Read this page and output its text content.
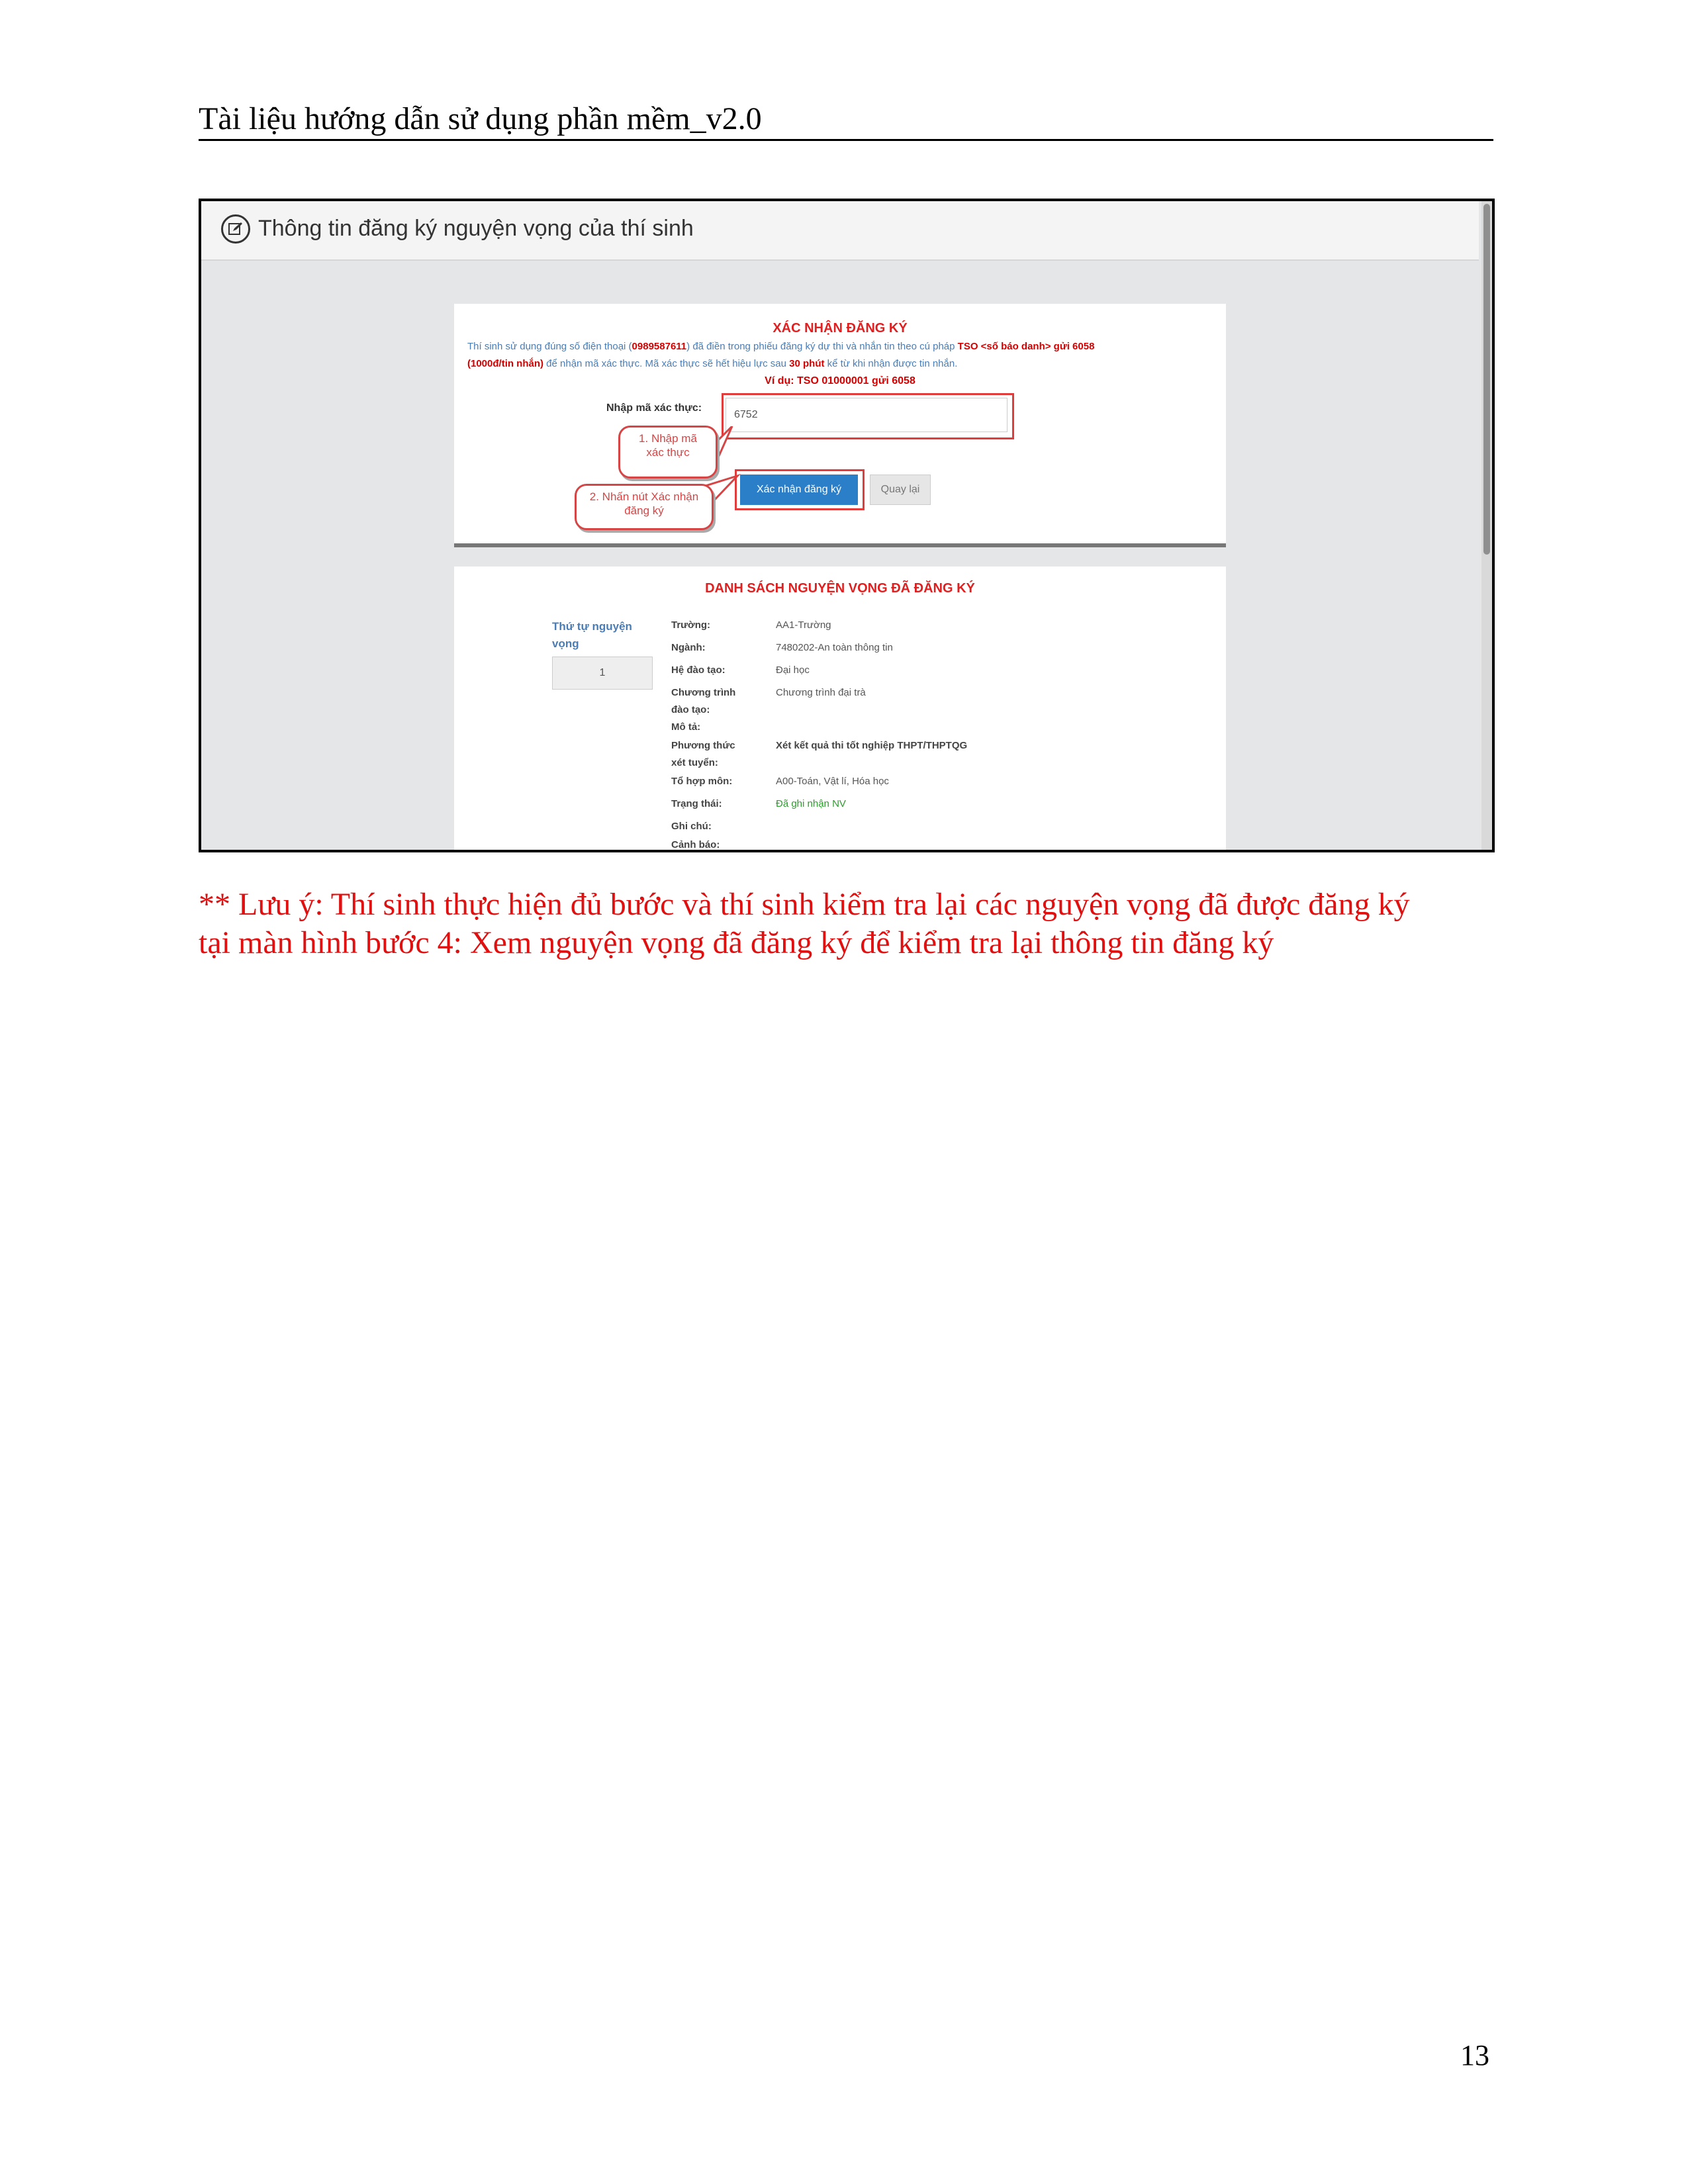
Tài liệu hướng dẫn sử dụng phần mềm_v2.0
Thông tin đăng ký nguyện vọng của thí sinh
XÁC NHẬN ĐĂNG KÝ
Thí sinh sử dụng đúng số điện thoại (0989587611) đã điền trong phiếu đăng ký dự thi và nhắn tin theo cú pháp TSO <số báo danh> gửi 6058
(1000đ/tin nhắn) để nhận mã xác thực. Mã xác thực sẽ hết hiệu lực sau 30 phút kể từ khi nhận được tin nhắn.
Ví dụ: TSO 01000001 gửi 6058
Nhập mã xác thực:
6752
1. Nhập mã
xác thực
2. Nhấn nút Xác nhận
đăng ký
Xác nhận đăng ký	Quay lại
DANH SÁCH NGUYỆN VỌNG ĐÃ ĐĂNG KÝ
Thứ tự nguyện
vọng
1
Trường:	AA1-Trường
Ngành:	7480202-An toàn thông tin
Hệ đào tạo:	Đại học
Chương trình
đào tạo:
Chương trình đại trà
Mô tả:
Phương thức
xét tuyển:
Xét kết quả thi tốt nghiệp THPT/THPTQG
Tổ hợp môn:	A00-Toán, Vật lí, Hóa học
Trạng thái:	Đã ghi nhận NV
Ghi chú:
Cảnh báo:
** Lưu ý: Thí sinh thực hiện đủ bước và thí sinh kiểm tra lại các nguyện vọng đã được đăng ký
tại màn hình bước 4: Xem nguyện vọng đã đăng ký để kiểm tra lại thông tin đăng ký
13
